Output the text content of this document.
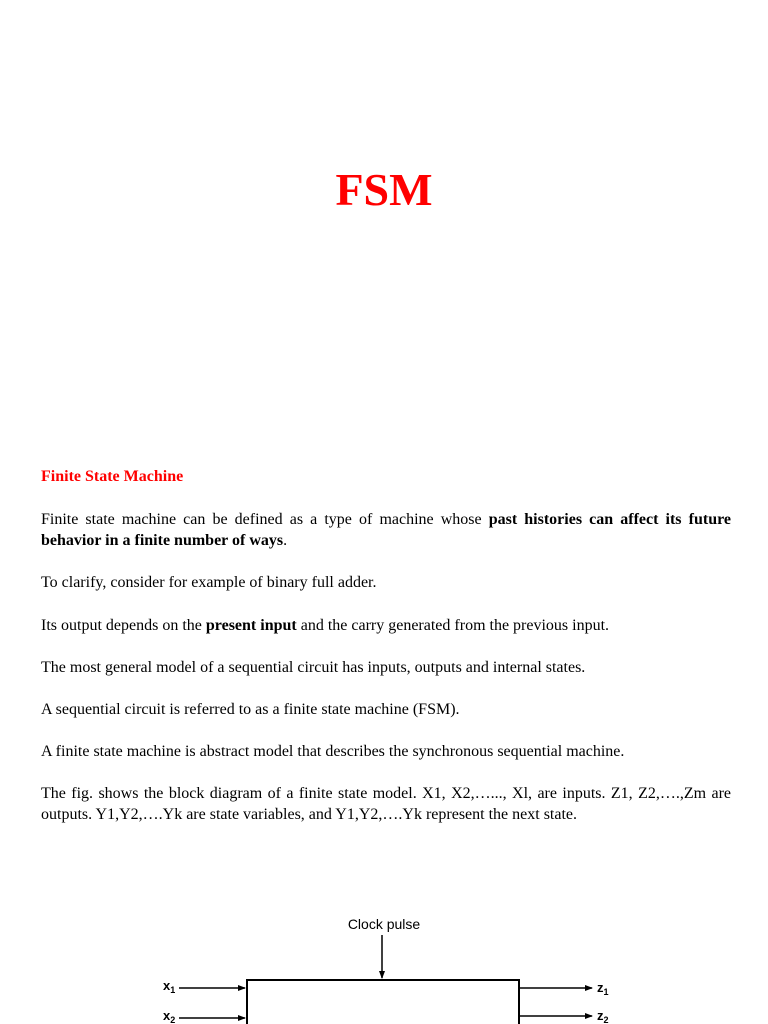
FSM
Finite State Machine

Finite state machine can be defined as a type of machine whose past histories can affect its future behavior in a finite number of ways.

To clarify, consider for example of binary full adder.

Its output depends on the present input and the carry generated from the previous input.

The most general model of a sequential circuit has inputs, outputs and internal states.

A sequential circuit is referred to as a finite state machine (FSM).

A finite state machine is abstract model that describes the synchronous sequential machine.

The fig. shows the block diagram of a finite state model. X1, X2,…..., Xl, are inputs. Z1, Z2,….,Zm are outputs. Y1,Y2,….Yk are state variables, and Y1,Y2,….Yk represent the next state.

Clock pulse
$x_1$
$x_2$
$z_1$
$z_2$
